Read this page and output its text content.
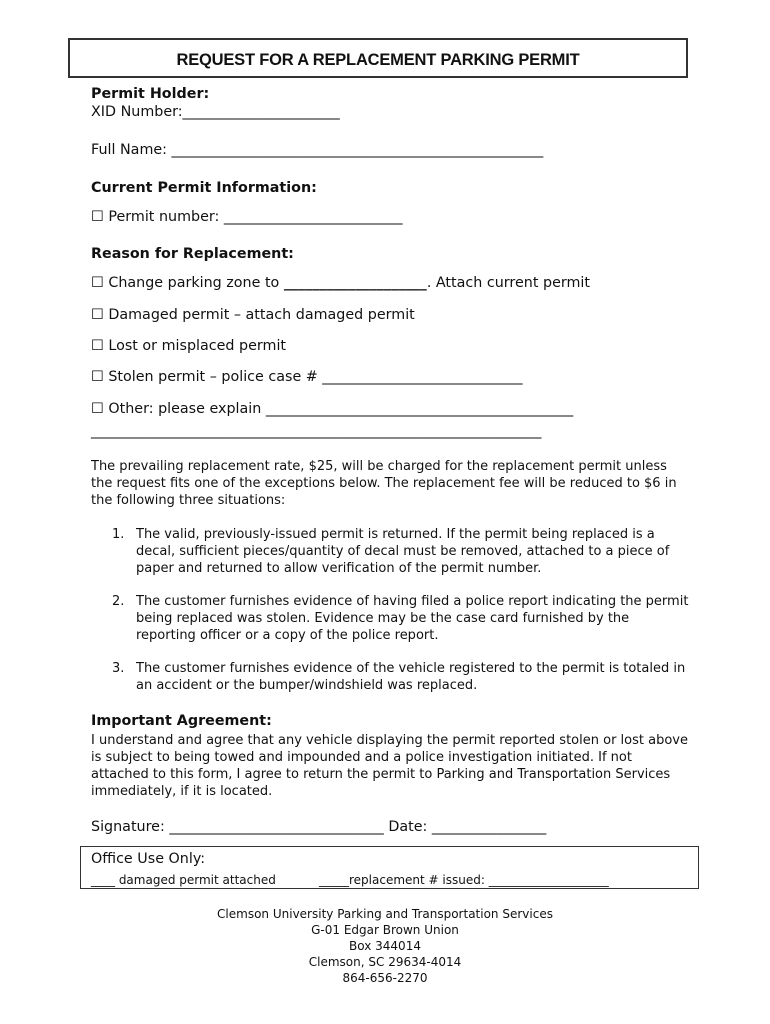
REQUEST FOR A REPLACEMENT PARKING PERMIT
Permit Holder:
XID Number:______________________
Full Name: ____________________________________________________
Current Permit Information:
☐ Permit number: _________________________
Reason for Replacement:
☐ Change parking zone to ____________________. Attach current permit
☐ Damaged permit – attach damaged permit
☐ Lost or misplaced permit
☐ Stolen permit – police case # ____________________________
☐ Other: please explain ___________________________________________
_______________________________________________________________
The prevailing replacement rate, $25, will be charged for the replacement permit unless the request fits one of the exceptions below. The replacement fee will be reduced to $6 in the following three situations:
1. The valid, previously-issued permit is returned. If the permit being replaced is a decal, sufficient pieces/quantity of decal must be removed, attached to a piece of paper and returned to allow verification of the permit number.
2. The customer furnishes evidence of having filed a police report indicating the permit being replaced was stolen. Evidence may be the case card furnished by the reporting officer or a copy of the police report.
3. The customer furnishes evidence of the vehicle registered to the permit is totaled in an accident or the bumper/windshield was replaced.
Important Agreement:
I understand and agree that any vehicle displaying the permit reported stolen or lost above is subject to being towed and impounded and a police investigation initiated. If not attached to this form, I agree to return the permit to Parking and Transportation Services immediately, if it is located.
Signature: ______________________________ Date: ________________
Office Use Only:
____ damaged permit attached	_____replacement # issued: ____________________
Clemson University Parking and Transportation Services
G-01 Edgar Brown Union
Box 344014
Clemson, SC 29634-4014
864-656-2270
